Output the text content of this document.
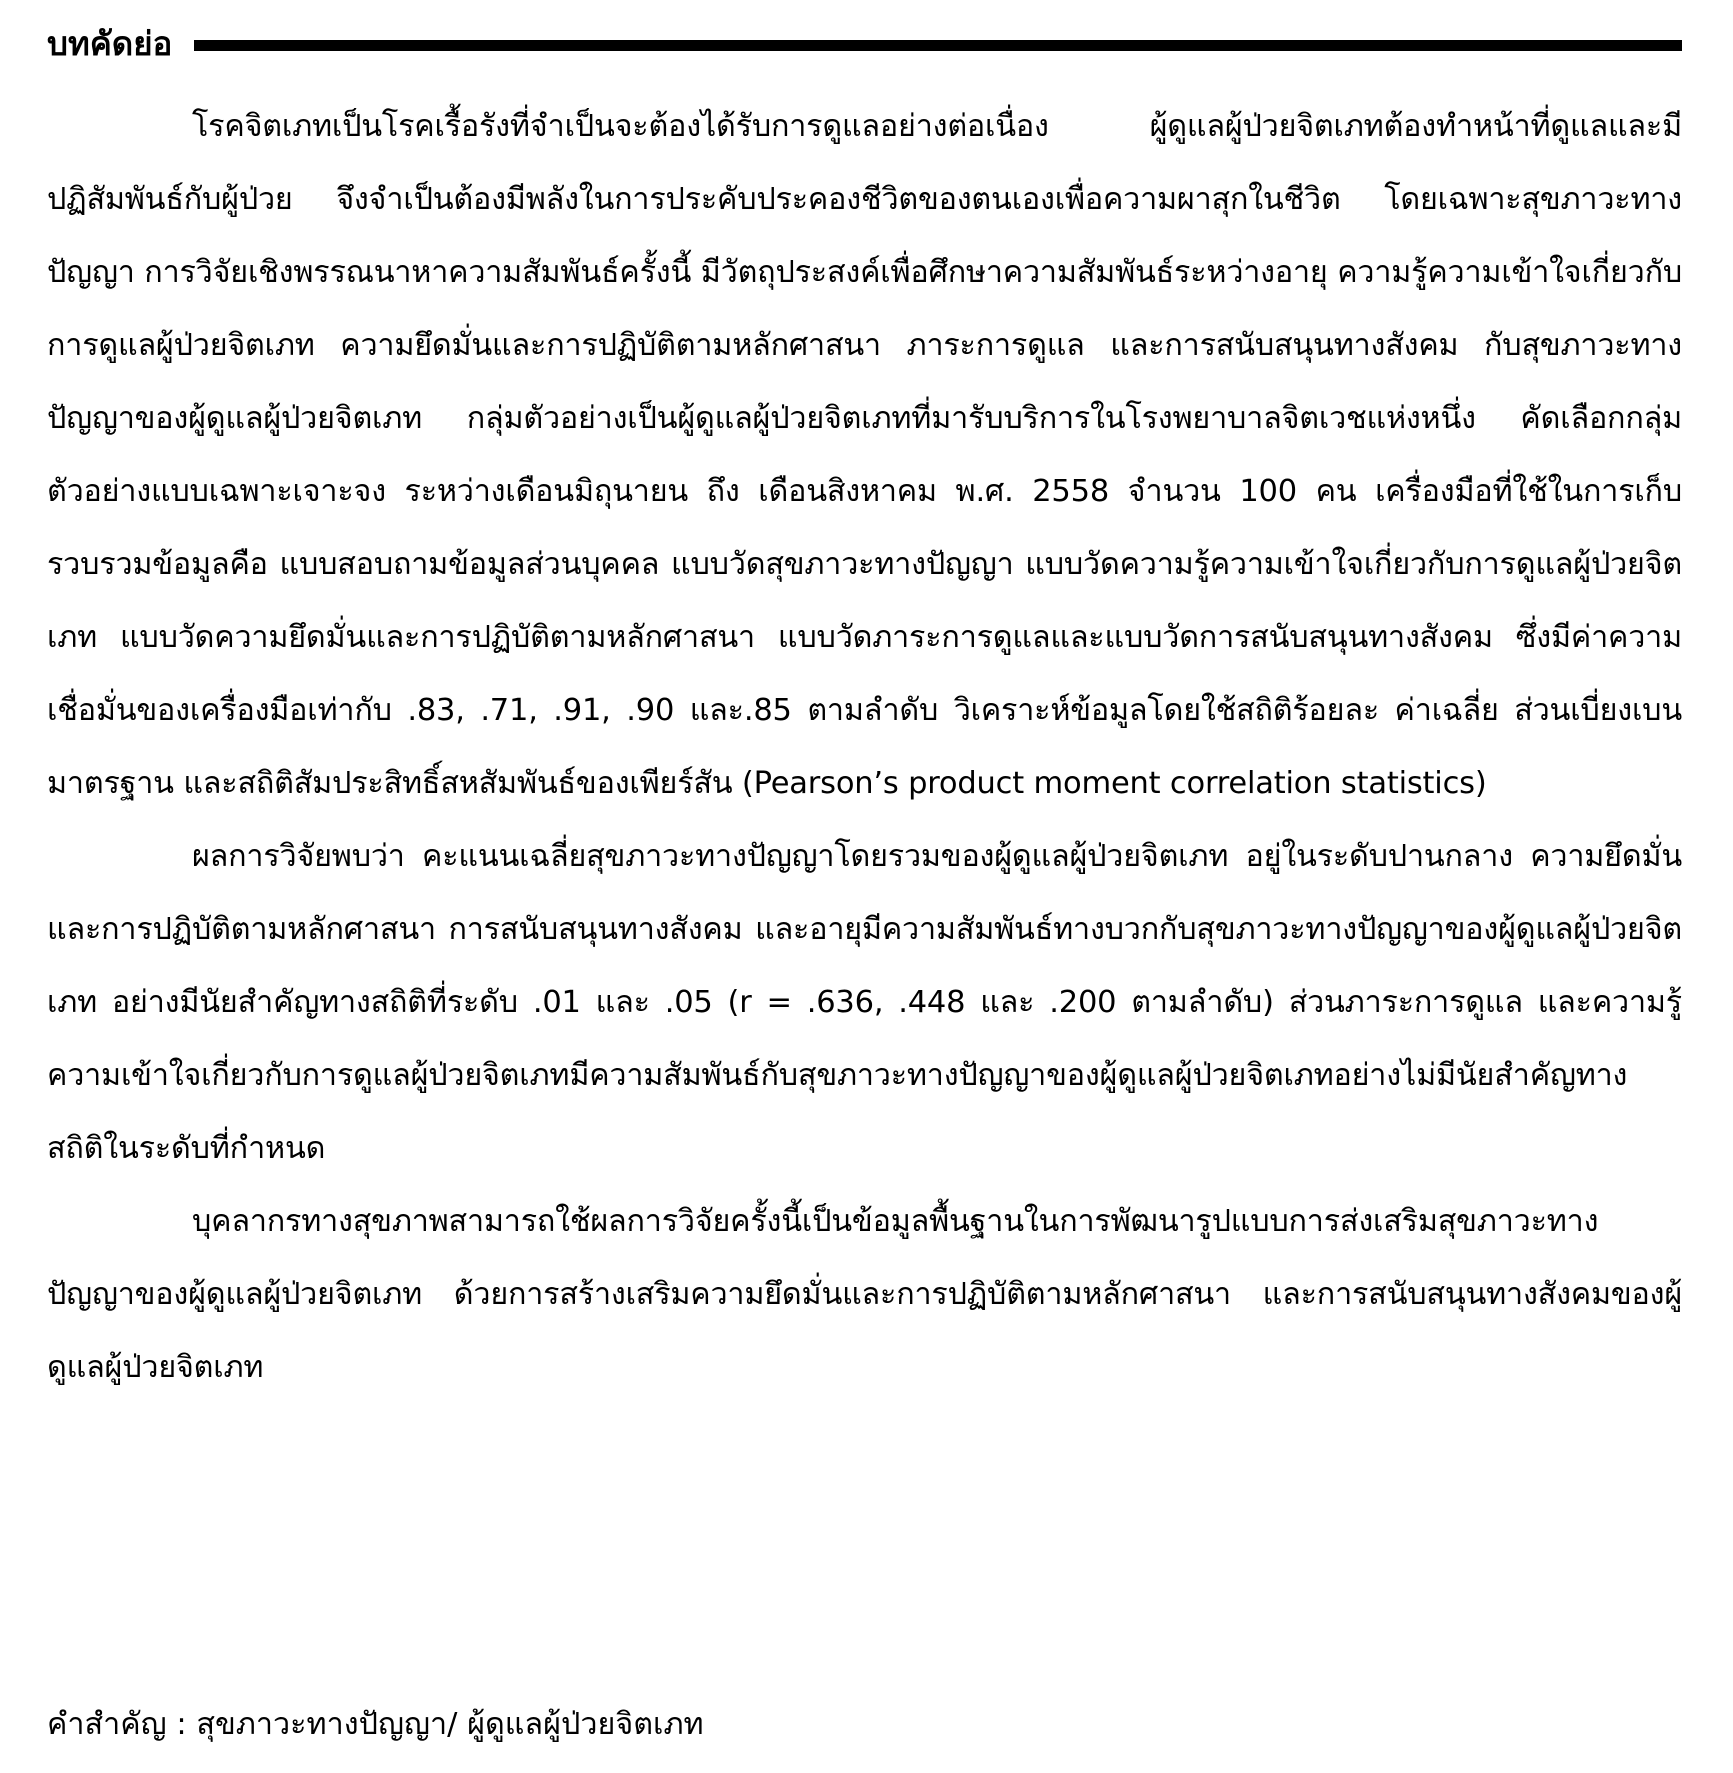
บทคัดย่อ

โรคจิตเภทเป็นโรคเรื้อรังที่จำเป็นจะต้องได้รับการดูแลอย่างต่อเนื่อง ผู้ดูแลผู้ป่วยจิตเภทต้องทำหน้าที่ดูแลและมีปฏิสัมพันธ์กับผู้ป่วย จึงจำเป็นต้องมีพลังในการประคับประคองชีวิตของตนเองเพื่อความผาสุกในชีวิต โดยเฉพาะสุขภาวะทางปัญญา การวิจัยเชิงพรรณนาหาความสัมพันธ์ครั้งนี้ มีวัตถุประสงค์เพื่อศึกษาความสัมพันธ์ระหว่างอายุ ความรู้ความเข้าใจเกี่ยวกับการดูแลผู้ป่วยจิตเภท ความยึดมั่นและการปฏิบัติตามหลักศาสนา ภาระการดูแล และการสนับสนุนทางสังคม กับสุขภาวะทางปัญญาของผู้ดูแลผู้ป่วยจิตเภท กลุ่มตัวอย่างเป็นผู้ดูแลผู้ป่วยจิตเภทที่มารับบริการในโรงพยาบาลจิตเวชแห่งหนึ่ง คัดเลือกกลุ่มตัวอย่างแบบเฉพาะเจาะจง ระหว่างเดือนมิถุนายน ถึง เดือนสิงหาคม พ.ศ. 2558 จำนวน 100 คน เครื่องมือที่ใช้ในการเก็บรวบรวมข้อมูลคือ แบบสอบถามข้อมูลส่วนบุคคล แบบวัดสุขภาวะทางปัญญา แบบวัดความรู้ความเข้าใจเกี่ยวกับการดูแลผู้ป่วยจิตเภท แบบวัดความยึดมั่นและการปฏิบัติตามหลักศาสนา แบบวัดภาระการดูแลและแบบวัดการสนับสนุนทางสังคม ซึ่งมีค่าความเชื่อมั่นของเครื่องมือเท่ากับ .83, .71, .91, .90 และ.85 ตามลำดับ วิเคราะห์ข้อมูลโดยใช้สถิติร้อยละ ค่าเฉลี่ย ส่วนเบี่ยงเบนมาตรฐาน และสถิติสัมประสิทธิ์สหสัมพันธ์ของเพียร์สัน (Pearson’s product moment correlation statistics)

ผลการวิจัยพบว่า คะแนนเฉลี่ยสุขภาวะทางปัญญาโดยรวมของผู้ดูแลผู้ป่วยจิตเภท อยู่ในระดับปานกลาง ความยึดมั่นและการปฏิบัติตามหลักศาสนา การสนับสนุนทางสังคม และอายุมีความสัมพันธ์ทางบวกกับสุขภาวะทางปัญญาของผู้ดูแลผู้ป่วยจิตเภท อย่างมีนัยสำคัญทางสถิติที่ระดับ .01 และ .05 (r = .636, .448 และ .200 ตามลำดับ) ส่วนภาระการดูแล และความรู้ความเข้าใจเกี่ยวกับการดูแลผู้ป่วยจิตเภทมีความสัมพันธ์กับสุขภาวะทางปัญญาของผู้ดูแลผู้ป่วยจิตเภทอย่างไม่มีนัยสำคัญทางสถิติในระดับที่กำหนด

บุคลากรทางสุขภาพสามารถใช้ผลการวิจัยครั้งนี้เป็นข้อมูลพื้นฐานในการพัฒนารูปแบบการส่งเสริมสุขภาวะทางปัญญาของผู้ดูแลผู้ป่วยจิตเภท ด้วยการสร้างเสริมความยึดมั่นและการปฏิบัติตามหลักศาสนา และการสนับสนุนทางสังคมของผู้ดูแลผู้ป่วยจิตเภท

คำสำคัญ : สุขภาวะทางปัญญา/ ผู้ดูแลผู้ป่วยจิตเภท
